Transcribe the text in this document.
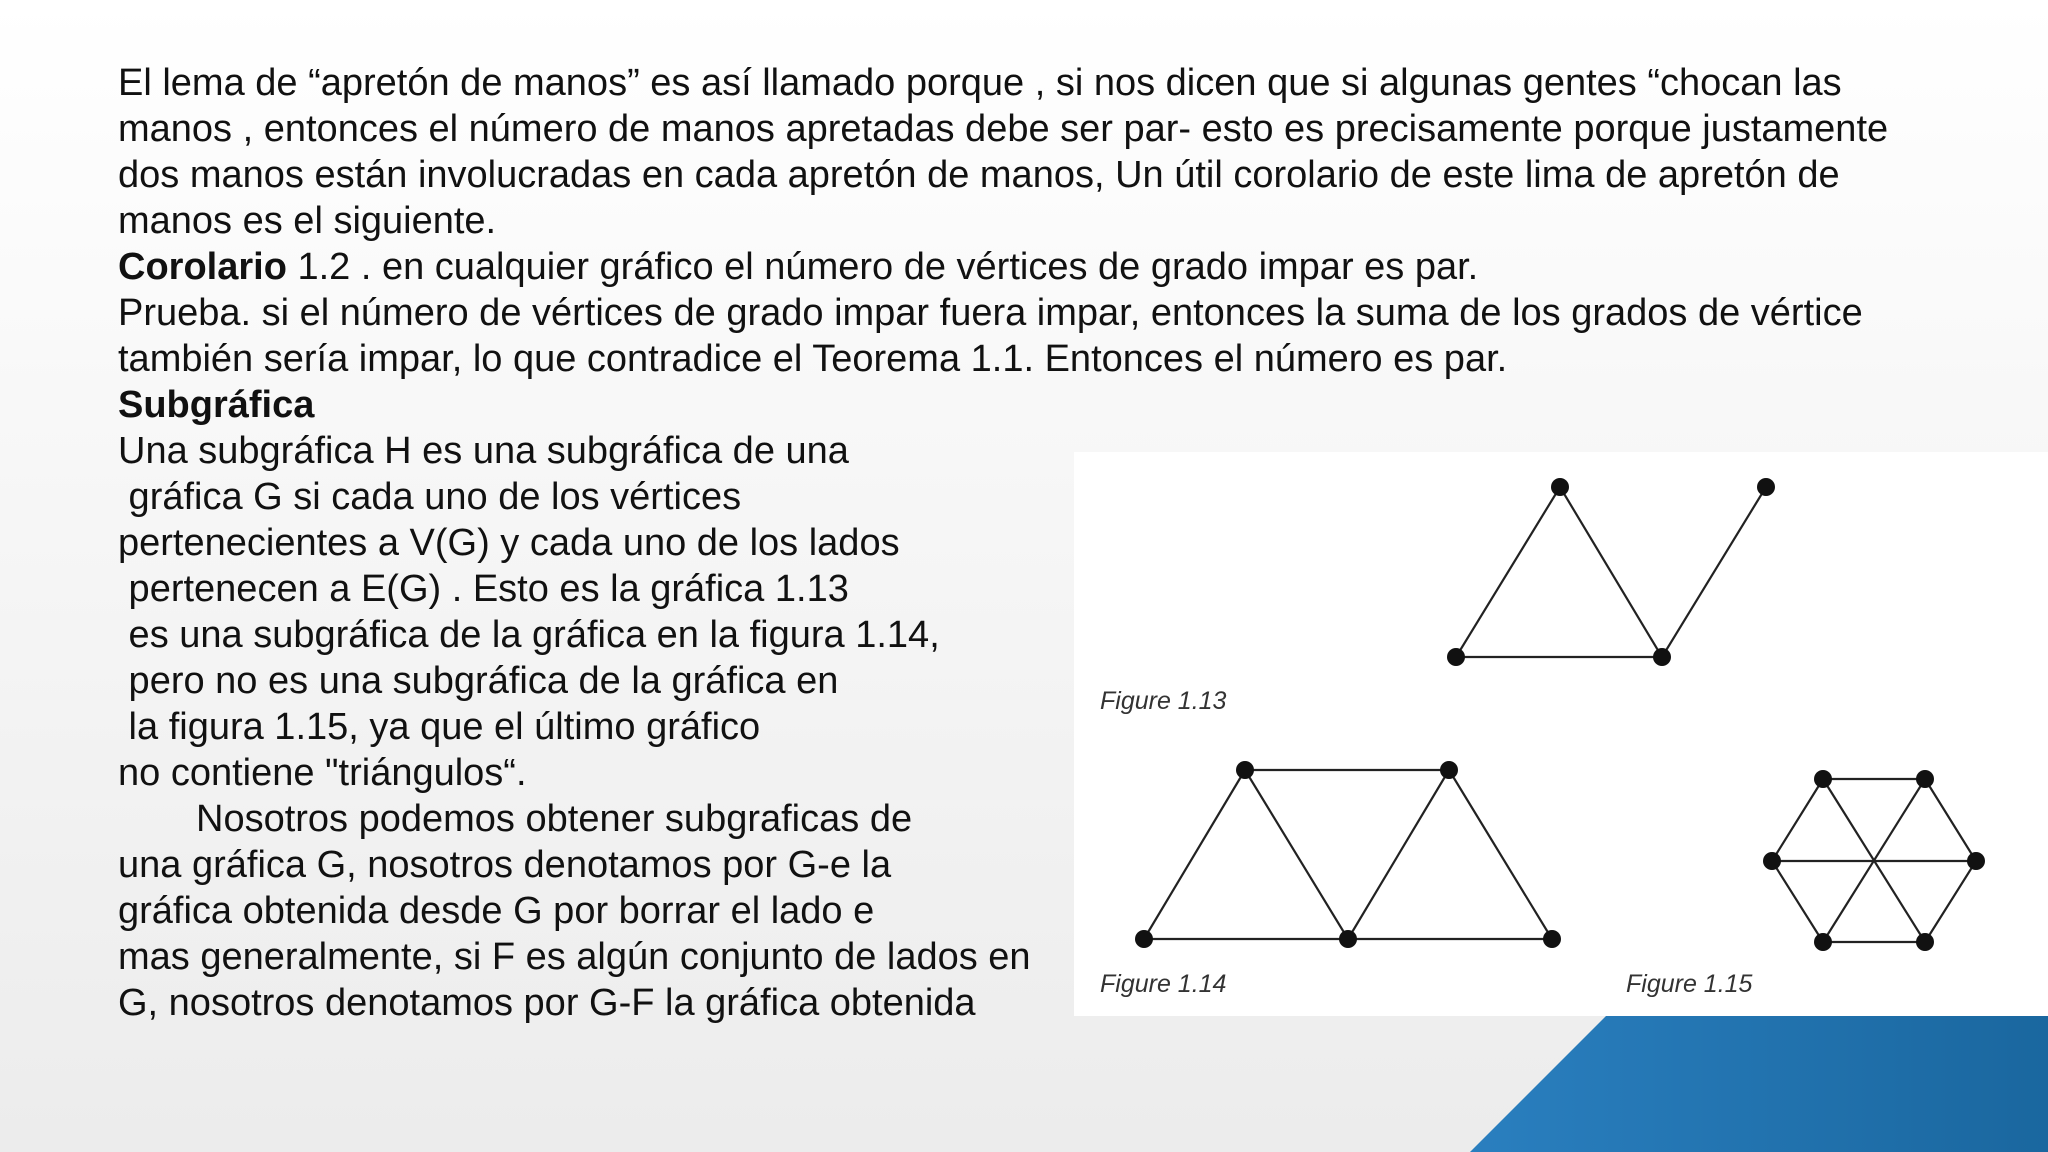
El lema de “apretón de manos” es así llamado porque , si nos dicen que si algunas gentes “chocan las manos , entonces el número de manos apretadas debe ser par- esto es precisamente porque justamente dos manos están involucradas en cada apretón de manos, Un útil corolario de este lima de apretón de manos es el siguiente.

Corolario 1.2 . en cualquier gráfico el número de vértices de grado impar es par.

Prueba. si el número de vértices de grado impar fuera impar, entonces la suma de los grados de vértice también sería impar, lo que contradice el Teorema 1.1. Entonces el número es par.

Subgráfica

Una subgráfica H es una subgráfica de una
gráfica G si cada uno de los vértices
pertenecientes a V(G) y cada uno de los lados
pertenecen a E(G) . Esto es la gráfica 1.13
es una subgráfica de la gráfica en la figura 1.14,
pero no es una subgráfica de la gráfica en
la figura 1.15, ya que el último gráfico
no contiene "triángulos“.
Nosotros podemos obtener subgraficas de
una gráfica G, nosotros denotamos por G-e la
gráfica obtenida desde G por borrar el lado e
mas generalmente, si F es algún conjunto de lados en
G, nosotros denotamos por G-F la gráfica obtenida
Figure 1.13
Figure 1.14	Figure 1.15
